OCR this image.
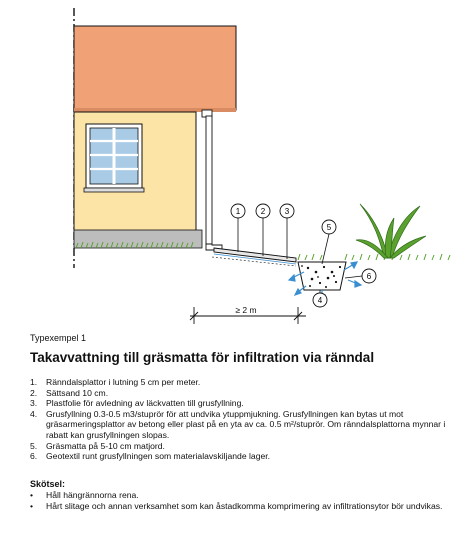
1	2 3
5
6
4
≥ 2 m
Typexempel 1
Takavvattning till gräsmatta för infiltration via ränndal
1.	Ränndalsplattor i lutning 5 cm per meter.
2.	Sättsand 10 cm.
3.	Plastfolie för avledning av läckvatten till grusfyllning.
4.	Grusfyllning 0.3-0.5 m3/stuprör för att undvika ytuppmjukning. Grusfyllningen kan bytas ut mot gräsarmeringsplattor av betong eller plast på en yta av ca. 0.5 m²/stuprör. Om ränndalsplattorna mynnar i rabatt kan grusfyllningen slopas.
5.	Gräsmatta på 5-10 cm matjord.
6.	Geotextil runt grusfyllningen som materialavskiljande lager.
Skötsel:
•	Håll hängrännorna rena.
•	Hårt slitage och annan verksamhet som kan åstadkomma komprimering av infiltrationsytor bör undvikas.
